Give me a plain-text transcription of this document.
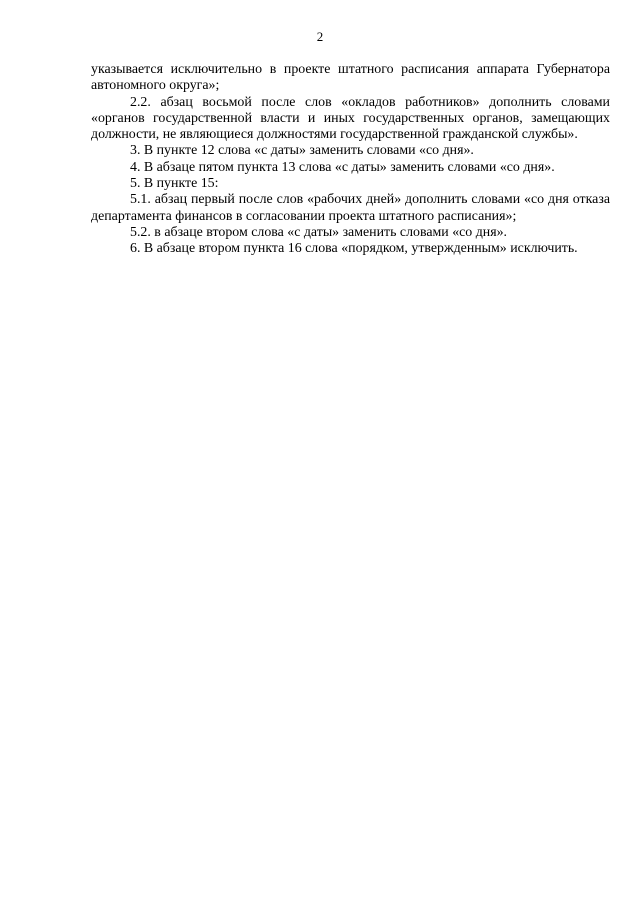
2

указывается исключительно в проекте штатного расписания аппарата Губернатора автономного округа»;

2.2. абзац восьмой после слов «окладов работников» дополнить словами «органов государственной власти и иных государственных органов, замещающих должности, не являющиеся должностями государственной гражданской службы».

3. В пункте 12 слова «с даты» заменить словами «со дня».

4. В абзаце пятом пункта 13 слова «с даты» заменить словами «со дня».

5. В пункте 15:

5.1. абзац первый после слов «рабочих дней» дополнить словами «со дня отказа департамента финансов в согласовании проекта штатного расписания»;

5.2. в абзаце втором слова «с даты» заменить словами «со дня».

6. В абзаце втором пункта 16 слова «порядком, утвержденным» исключить.
